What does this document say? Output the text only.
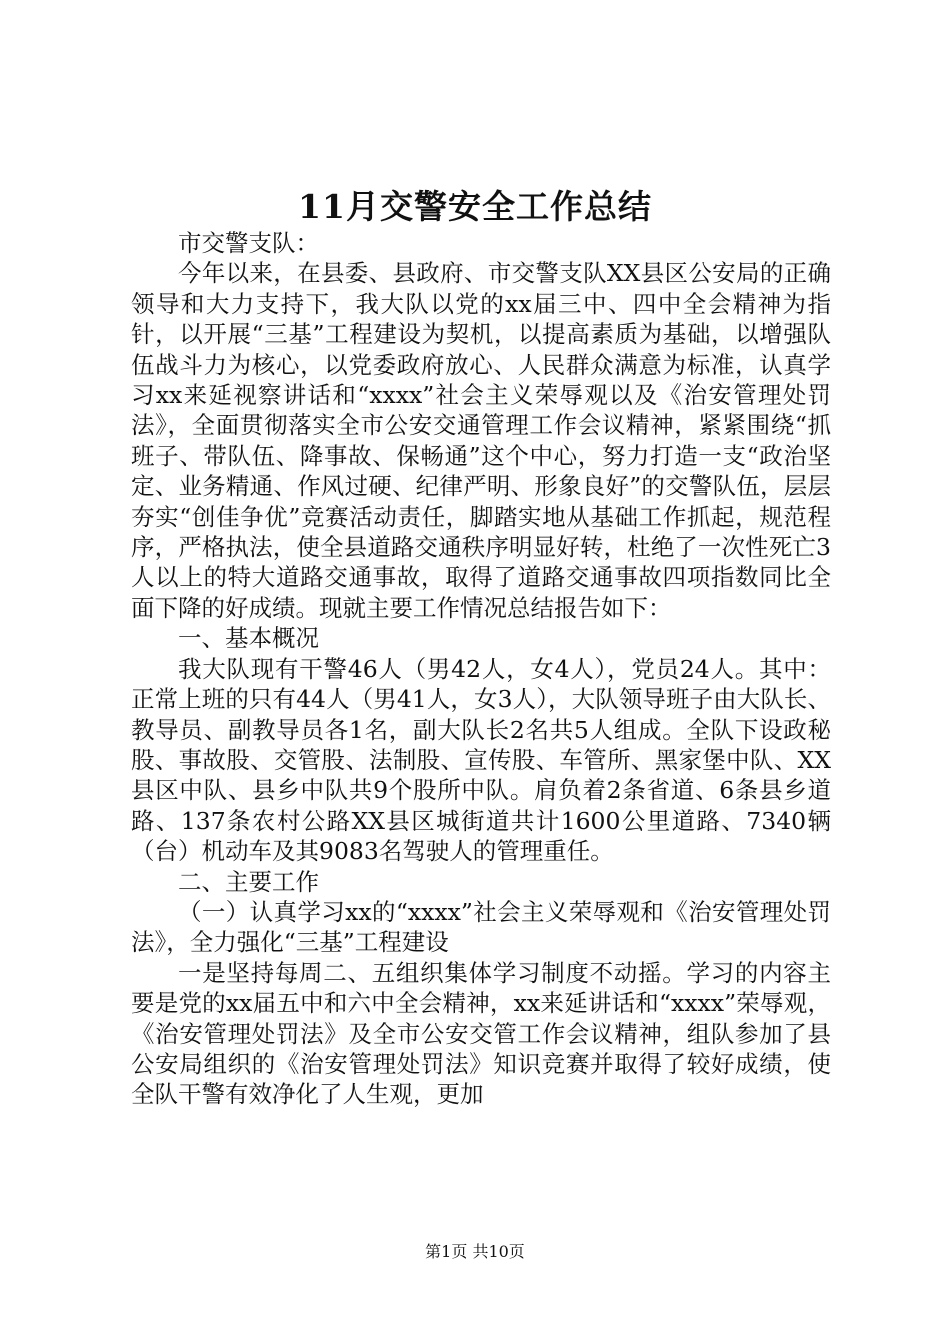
11月交警安全工作总结

市交警支队：

今年以来，在县委、县政府、市交警支队XX县区公安局的正确领导和大力支持下，我大队以党的xx届三中、四中全会精神为指针，以开展“三基”工程建设为契机，以提高素质为基础，以增强队伍战斗力为核心，以党委政府放心、人民群众满意为标准，认真学习xx来延视察讲话和“xxxx”社会主义荣辱观以及《治安管理处罚法》，全面贯彻落实全市公安交通管理工作会议精神，紧紧围绕“抓班子、带队伍、降事故、保畅通”这个中心，努力打造一支“政治坚定、业务精通、作风过硬、纪律严明、形象良好”的交警队伍，层层夯实“创佳争优”竞赛活动责任，脚踏实地从基础工作抓起，规范程序，严格执法，使全县道路交通秩序明显好转，杜绝了一次性死亡3人以上的特大道路交通事故，取得了道路交通事故四项指数同比全面下降的好成绩。现就主要工作情况总结报告如下：

一、基本概况

我大队现有干警46人（男42人，女4人），党员24人。其中：正常上班的只有44人（男41人，女3人），大队领导班子由大队长、教导员、副教导员各1名，副大队长2名共5人组成。全队下设政秘股、事故股、交管股、法制股、宣传股、车管所、黑家堡中队、XX县区中队、县乡中队共9个股所中队。肩负着2条省道、6条县乡道路、137条农村公路XX县区城街道共计1600公里道路、7340辆（台）机动车及其9083名驾驶人的管理重任。

二、主要工作

（一）认真学习xx的“xxxx”社会主义荣辱观和《治安管理处罚法》，全力强化“三基”工程建设

一是坚持每周二、五组织集体学习制度不动摇。学习的内容主要是党的xx届五中和六中全会精神，xx来延讲话和“xxxx”荣辱观，《治安管理处罚法》及全市公安交管工作会议精神，组队参加了县公安局组织的《治安管理处罚法》知识竞赛并取得了较好成绩，使全队干警有效净化了人生观，更加

第1页 共10页
